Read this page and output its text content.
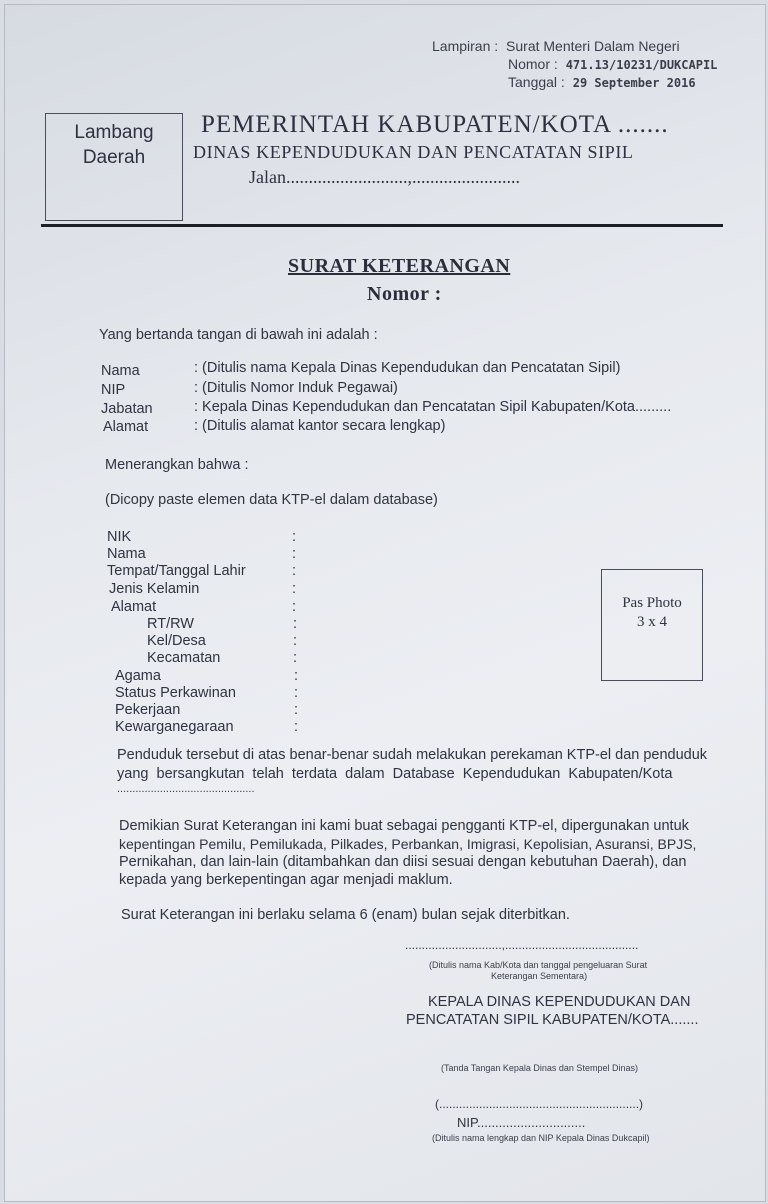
Lampiran : Surat Menteri Dalam Negeri
Nomor : 471.13/10231/DUKCAPIL
Tanggal : 29 September 2016
Lambang
Daerah
PEMERINTAH KABUPATEN/KOTA .......
DINAS KEPENDUDUKAN DAN PENCATATAN SIPIL
Jalan...........................,........................
SURAT KETERANGAN
Nomor :
Yang bertanda tangan di bawah ini adalah :
Nama	: (Ditulis nama Kepala Dinas Kependudukan dan Pencatatan Sipil)
NIP	: (Ditulis Nomor Induk Pegawai)
Jabatan	: Kepala Dinas Kependudukan dan Pencatatan Sipil Kabupaten/Kota.........
Alamat	: (Ditulis alamat kantor secara lengkap)
Menerangkan bahwa :
(Dicopy paste elemen data KTP-el dalam database)
NIK	:
Nama	:
Tempat/Tanggal Lahir	:
Jenis Kelamin	:
Alamat	:
RT/RW	:
Kel/Desa	:
Kecamatan	:
Agama	:
Status Perkawinan	:
Pekerjaan	:
Kewarganegaraan	:
Pas Photo
3 x 4
Penduduk tersebut di atas benar-benar sudah melakukan perekaman KTP-el dan penduduk
yang  bersangkutan  telah  terdata  dalam  Database  Kependudukan  Kabupaten/Kota
.............................................
Demikian Surat Keterangan ini kami buat sebagai pengganti KTP-el, dipergunakan untuk
kepentingan Pemilu, Pemilukada, Pilkades, Perbankan, Imigrasi, Kepolisian, Asuransi, BPJS,
Pernikahan, dan lain-lain (ditambahkan dan diisi sesuai dengan kebutuhan Daerah), dan
kepada yang berkepentingan agar menjadi maklum.
Surat Keterangan ini berlaku selama 6 (enam) bulan sejak diterbitkan.
.............................,........................................
(Ditulis nama Kab/Kota dan tanggal pengeluaran Surat
Keterangan Sementara)
KEPALA DINAS KEPENDUDUKAN DAN
PENCATATAN SIPIL KABUPATEN/KOTA.......
(Tanda Tangan Kepala Dinas dan Stempel Dinas)
(............................................................)
NIP..............................
(Ditulis nama lengkap dan NIP Kepala Dinas Dukcapil)
